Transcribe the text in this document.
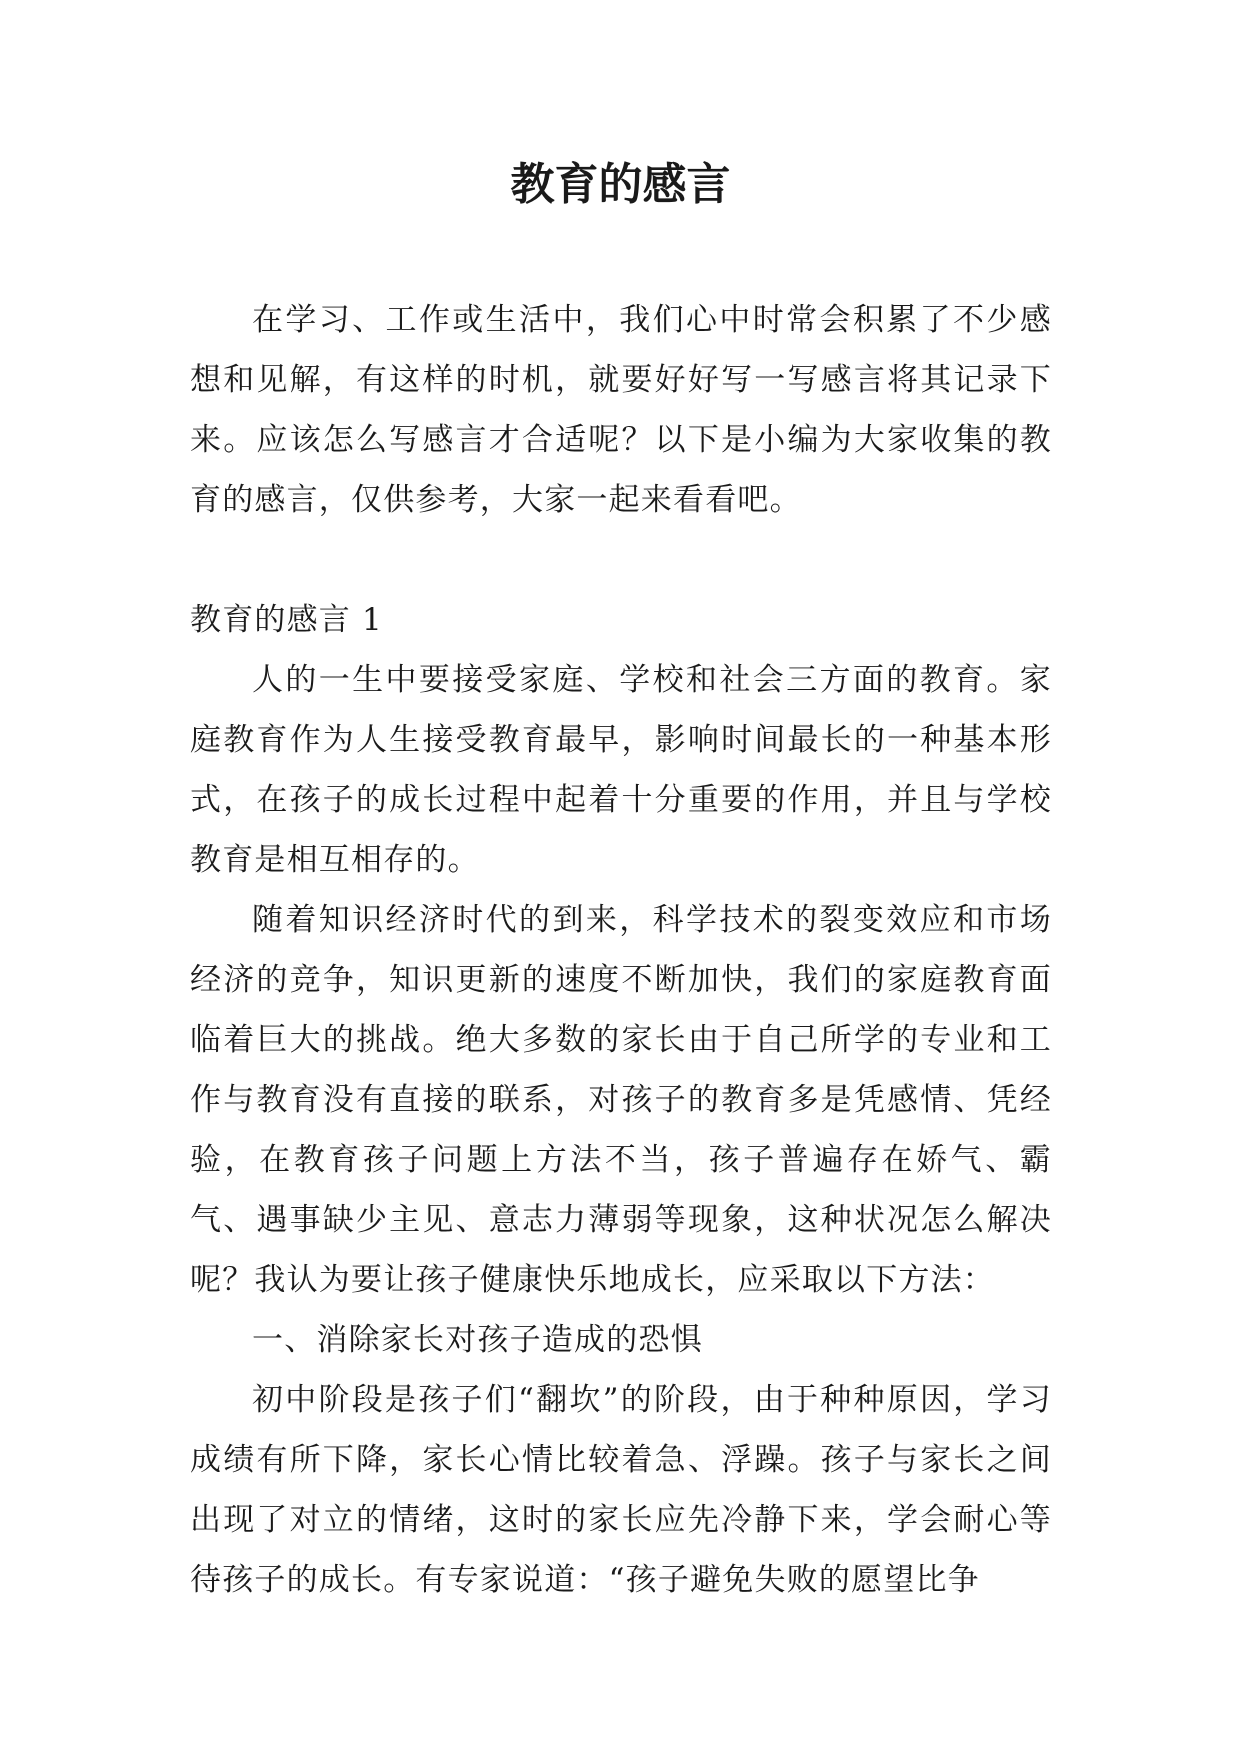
教育的感言

在学习、工作或生活中，我们心中时常会积累了不少感想和见解，有这样的时机，就要好好写一写感言将其记录下来。应该怎么写感言才合适呢？以下是小编为大家收集的教育的感言，仅供参考，大家一起来看看吧。

教育的感言 1

人的一生中要接受家庭、学校和社会三方面的教育。家庭教育作为人生接受教育最早，影响时间最长的一种基本形式，在孩子的成长过程中起着十分重要的作用，并且与学校教育是相互相存的。

随着知识经济时代的到来，科学技术的裂变效应和市场经济的竞争，知识更新的速度不断加快，我们的家庭教育面临着巨大的挑战。绝大多数的家长由于自己所学的专业和工作与教育没有直接的联系，对孩子的教育多是凭感情、凭经验，在教育孩子问题上方法不当，孩子普遍存在娇气、霸气、遇事缺少主见、意志力薄弱等现象，这种状况怎么解决呢？我认为要让孩子健康快乐地成长，应采取以下方法：

一、消除家长对孩子造成的恐惧

初中阶段是孩子们“翻坎”的阶段，由于种种原因，学习成绩有所下降，家长心情比较着急、浮躁。孩子与家长之间出现了对立的情绪，这时的家长应先冷静下来，学会耐心等待孩子的成长。有专家说道：“孩子避免失败的愿望比争
